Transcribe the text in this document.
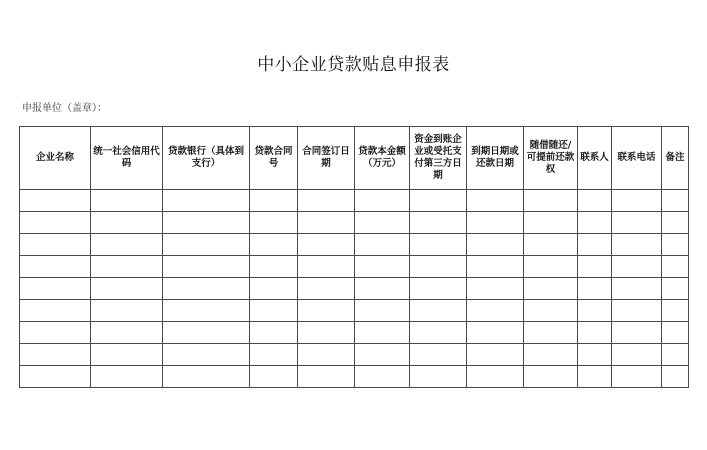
中小企业贷款贴息申报表
申报单位（盖章）：
企业名称	统一社会信用代码	贷款银行（具体到支行）	贷款合同号	合同签订日期	贷款本金额（万元）	资金到账企业或受托支付第三方日期	到期日期或还款日期	随借随还/可提前还款权	联系人	联系电话	备注
